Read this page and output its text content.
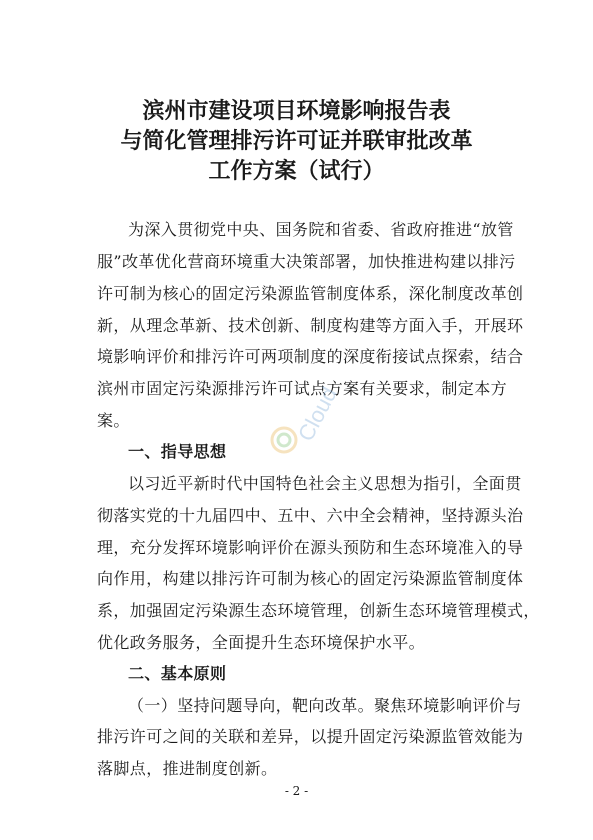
滨州市建设项目环境影响报告表
与简化管理排污许可证并联审批改革
工作方案（试行）
为深入贯彻党中央、国务院和省委、省政府推进“放管
服”改革优化营商环境重大决策部署，加快推进构建以排污
许可制为核心的固定污染源监管制度体系，深化制度改革创
新，从理念革新、技术创新、制度构建等方面入手，开展环
境影响评价和排污许可两项制度的深度衔接试点探索，结合
滨州市固定污染源排污许可试点方案有关要求，制定本方
案。
一、指导思想
以习近平新时代中国特色社会主义思想为指引，全面贯
彻落实党的十九届四中、五中、六中全会精神，坚持源头治
理，充分发挥环境影响评价在源头预防和生态环境准入的导
向作用，构建以排污许可制为核心的固定污染源监管制度体
系，加强固定污染源生态环境管理，创新生态环境管理模式，
优化政务服务，全面提升生态环境保护水平。
二、基本原则
（一）坚持问题导向，靶向改革。聚焦环境影响评价与
排污许可之间的关联和差异，以提升固定污染源监管效能为
落脚点，推进制度创新。
- 2 -
Cloud
